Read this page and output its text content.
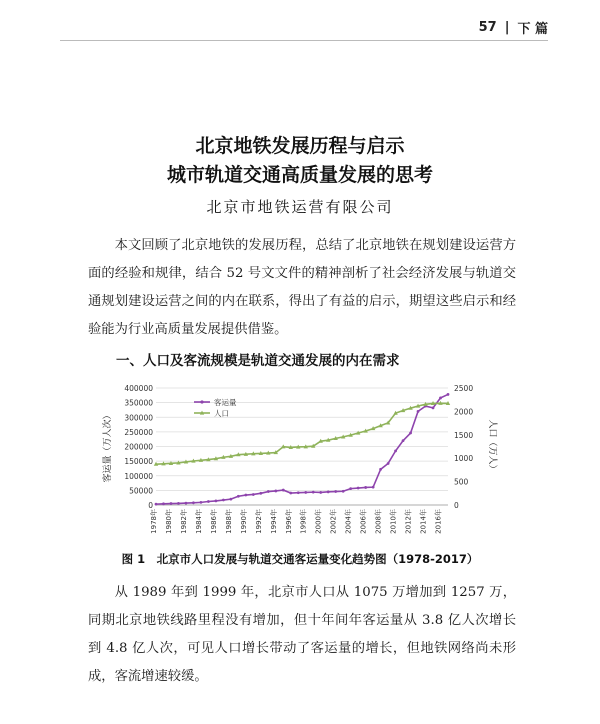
57 | 下 篇
北京地铁发展历程与启示
城市轨道交通高质量发展的思考
北京市地铁运营有限公司
本文回顾了北京地铁的发展历程，总结了北京地铁在规划建设运营方面的经验和规律，结合 52 号文文件的精神剖析了社会经济发展与轨道交通规划建设运营之间的内在联系，得出了有益的启示，期望这些启示和经验能为行业高质量发展提供借鉴。
一、人口及客流规模是轨道交通发展的内在需求
0
50000
100000
150000
200000
250000
300000
350000
400000
0
500
1000
1500
2000
2500
1978年 1980年 1982年 1984年 1986年 1988年 1990年 1992年 1994年 1996年 1998年 2000年 2002年 2004年 2006年 2008年 2010年 2012年 2014年 2016年
客运量（万人次）	人口（万人）
客运量
人口
图 1　北京市人口发展与轨道交通客运量变化趋势图（1978-2017）
从 1989 年到 1999 年，北京市人口从 1075 万增加到 1257 万，同期北京地铁线路里程没有增加，但十年间年客运量从 3.8 亿人次增长到 4.8 亿人次，可见人口增长带动了客运量的增长，但地铁网络尚未形成，客流增速较缓。
